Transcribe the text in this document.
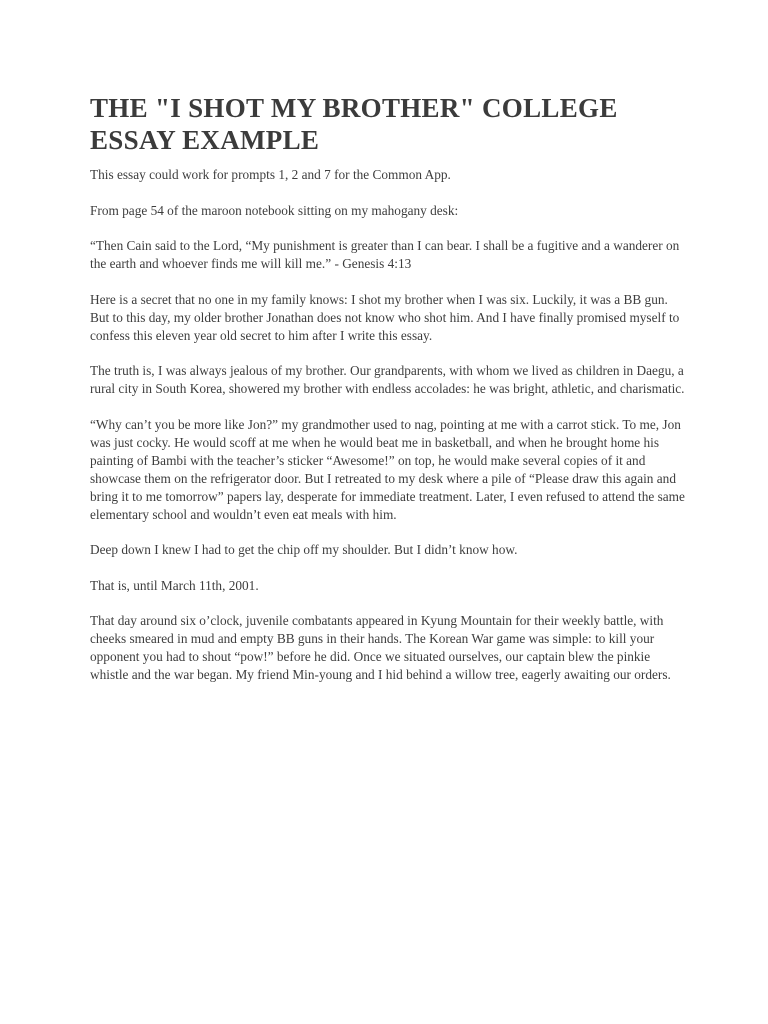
THE "I SHOT MY BROTHER" COLLEGE ESSAY EXAMPLE

This essay could work for prompts 1, 2 and 7 for the Common App.

From page 54 of the maroon notebook sitting on my mahogany desk:

“Then Cain said to the Lord, “My punishment is greater than I can bear. I shall be a fugitive and a wanderer on the earth and whoever finds me will kill me.” - Genesis 4:13

Here is a secret that no one in my family knows: I shot my brother when I was six. Luckily, it was a BB gun. But to this day, my older brother Jonathan does not know who shot him. And I have finally promised myself to confess this eleven year old secret to him after I write this essay.

The truth is, I was always jealous of my brother. Our grandparents, with whom we lived as children in Daegu, a rural city in South Korea, showered my brother with endless accolades: he was bright, athletic, and charismatic.

“Why can’t you be more like Jon?” my grandmother used to nag, pointing at me with a carrot stick. To me, Jon was just cocky. He would scoff at me when he would beat me in basketball, and when he brought home his painting of Bambi with the teacher’s sticker “Awesome!” on top, he would make several copies of it and showcase them on the refrigerator door. But I retreated to my desk where a pile of “Please draw this again and bring it to me tomorrow” papers lay, desperate for immediate treatment. Later, I even refused to attend the same elementary school and wouldn’t even eat meals with him.

Deep down I knew I had to get the chip off my shoulder. But I didn’t know how.

That is, until March 11th, 2001.

That day around six o’clock, juvenile combatants appeared in Kyung Mountain for their weekly battle, with cheeks smeared in mud and empty BB guns in their hands. The Korean War game was simple: to kill your opponent you had to shout “pow!” before he did. Once we situated ourselves, our captain blew the pinkie whistle and the war began. My friend Min-young and I hid behind a willow tree, eagerly awaiting our orders.
